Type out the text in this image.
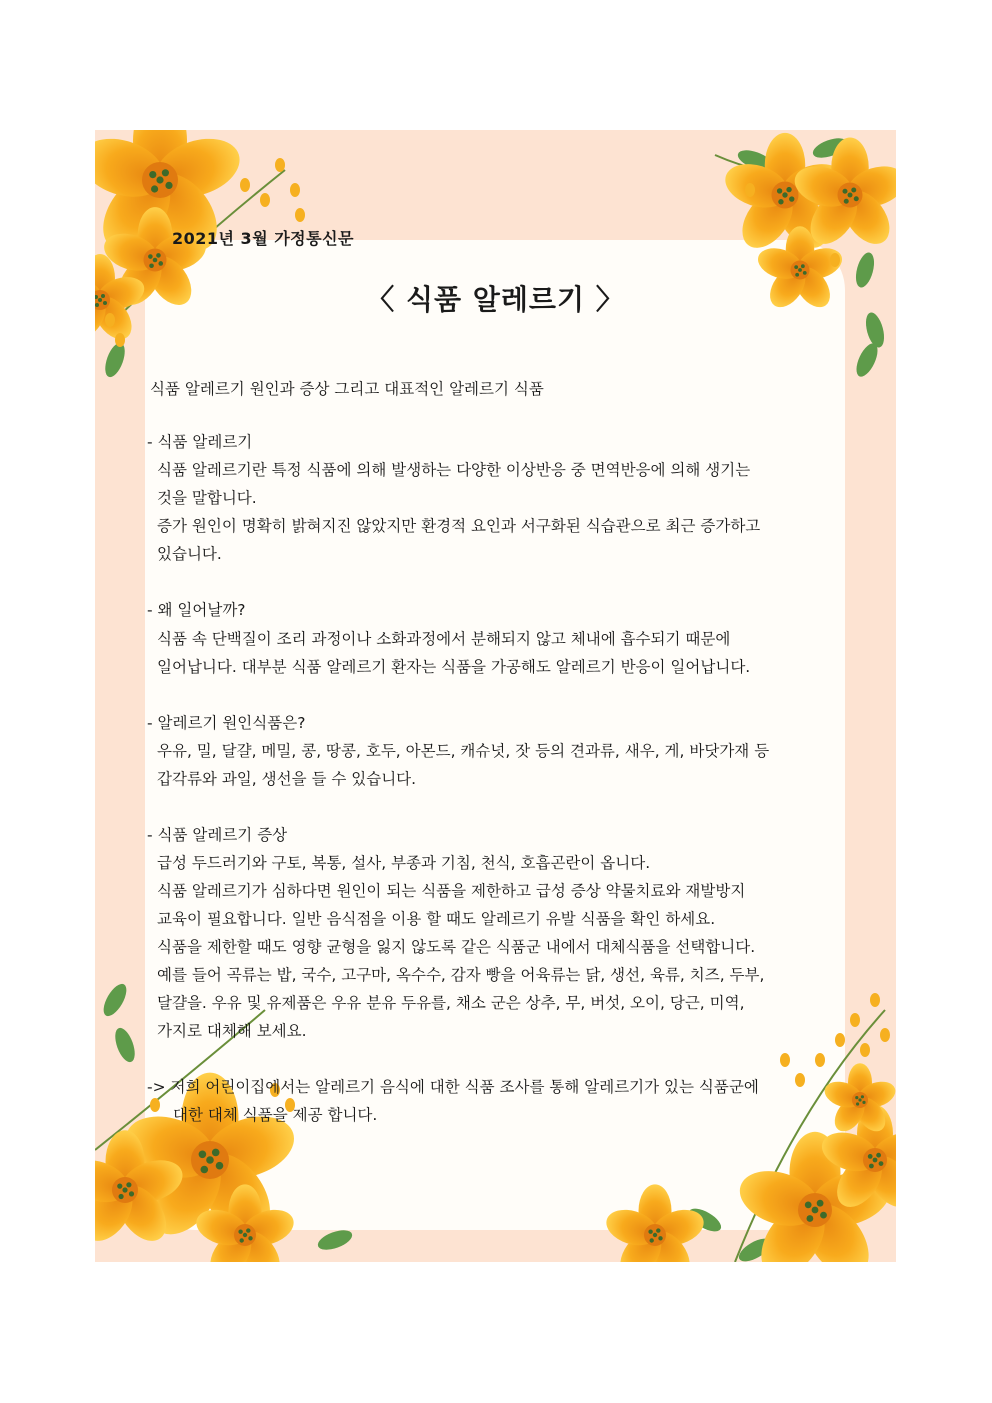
2021년 3월 가정통신문
〈 식품 알레르기 〉
식품 알레르기 원인과 증상 그리고 대표적인 알레르기 식품
- 식품 알레르기
식품 알레르기란 특정 식품에 의해 발생하는 다양한 이상반응 중 면역반응에 의해 생기는
것을 말합니다.
증가 원인이 명확히 밝혀지진 않았지만 환경적 요인과 서구화된 식습관으로 최근 증가하고
있습니다.
- 왜 일어날까?
식품 속 단백질이 조리 과정이나 소화과정에서 분해되지 않고 체내에 흡수되기 때문에
일어납니다. 대부분 식품 알레르기 환자는 식품을 가공해도 알레르기 반응이 일어납니다.
- 알레르기 원인식품은?
우유, 밀, 달걀, 메밀, 콩, 땅콩, 호두, 아몬드, 캐슈넛, 잣 등의 견과류, 새우, 게, 바닷가재 등
갑각류와 과일, 생선을 들 수 있습니다.
- 식품 알레르기 증상
급성 두드러기와 구토, 복통, 설사, 부종과 기침, 천식, 호흡곤란이 옵니다.
식품 알레르기가 심하다면 원인이 되는 식품을 제한하고 급성 증상 약물치료와 재발방지
교육이 필요합니다. 일반 음식점을 이용 할 때도 알레르기 유발 식품을 확인 하세요.
식품을 제한할 때도 영향 균형을 잃지 않도록 같은 식품군 내에서 대체식품을 선택합니다.
예를 들어 곡류는 밥, 국수, 고구마, 옥수수, 감자 빵을 어육류는 닭, 생선, 육류, 치즈, 두부,
달걀을. 우유 및 유제품은 우유 분유 두유를, 채소 군은 상추, 무, 버섯, 오이, 당근, 미역,
가지로 대체해 보세요.
-> 저희 어린이집에서는 알레르기 음식에 대한 식품 조사를 통해 알레르기가 있는 식품군에
대한 대체 식품을 제공 합니다.
